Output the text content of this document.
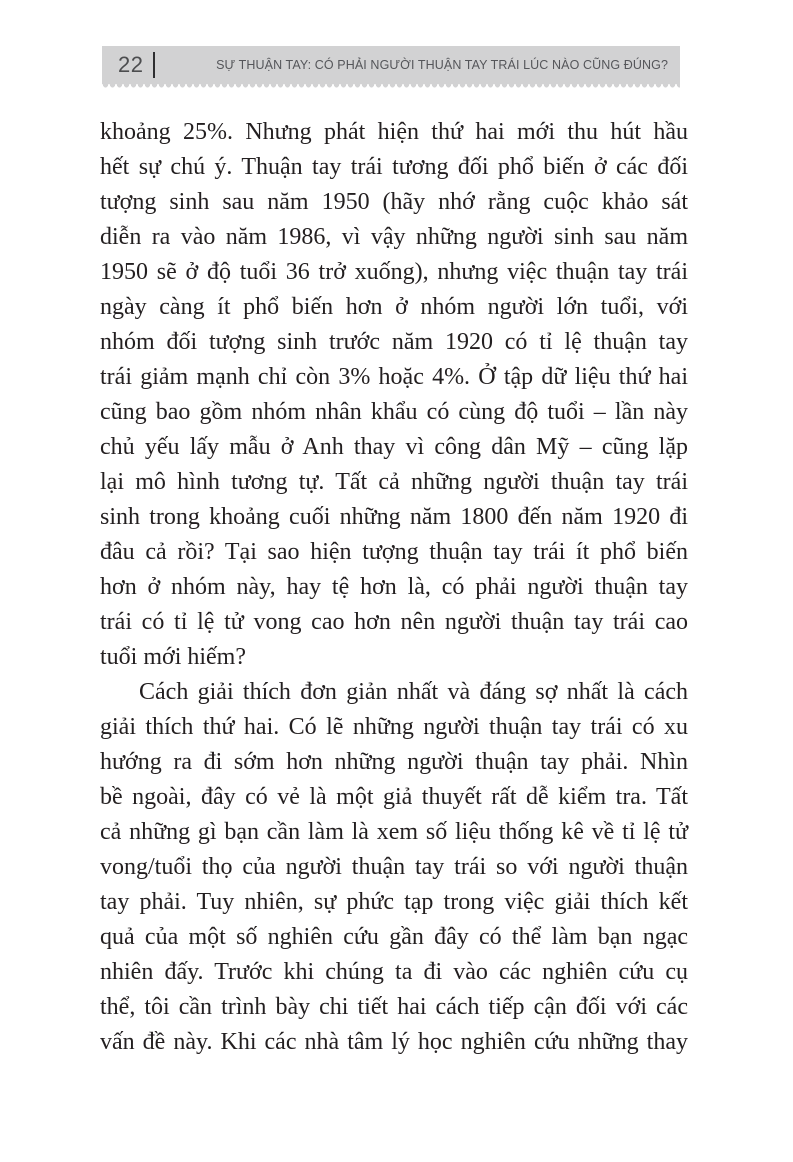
22	SỰ THUẬN TAY: CÓ PHẢI NGƯỜI THUẬN TAY TRÁI LÚC NÀO CŨNG ĐÚNG?
khoảng 25%. Nhưng phát hiện thứ hai mới thu hút hầu
hết sự chú ý. Thuận tay trái tương đối phổ biến ở các đối
tượng sinh sau năm 1950 (hãy nhớ rằng cuộc khảo sát
diễn ra vào năm 1986, vì vậy những người sinh sau năm
1950 sẽ ở độ tuổi 36 trở xuống), nhưng việc thuận tay trái
ngày càng ít phổ biến hơn ở nhóm người lớn tuổi, với
nhóm đối tượng sinh trước năm 1920 có tỉ lệ thuận tay
trái giảm mạnh chỉ còn 3% hoặc 4%. Ở tập dữ liệu thứ hai
cũng bao gồm nhóm nhân khẩu có cùng độ tuổi – lần này
chủ yếu lấy mẫu ở Anh thay vì công dân Mỹ – cũng lặp
lại mô hình tương tự. Tất cả những người thuận tay trái
sinh trong khoảng cuối những năm 1800 đến năm 1920 đi
đâu cả rồi? Tại sao hiện tượng thuận tay trái ít phổ biến
hơn ở nhóm này, hay tệ hơn là, có phải người thuận tay
trái có tỉ lệ tử vong cao hơn nên người thuận tay trái cao
tuổi mới hiếm?
Cách giải thích đơn giản nhất và đáng sợ nhất là cách
giải thích thứ hai. Có lẽ những người thuận tay trái có xu
hướng ra đi sớm hơn những người thuận tay phải. Nhìn
bề ngoài, đây có vẻ là một giả thuyết rất dễ kiểm tra. Tất
cả những gì bạn cần làm là xem số liệu thống kê về tỉ lệ tử
vong/tuổi thọ của người thuận tay trái so với người thuận
tay phải. Tuy nhiên, sự phức tạp trong việc giải thích kết
quả của một số nghiên cứu gần đây có thể làm bạn ngạc
nhiên đấy. Trước khi chúng ta đi vào các nghiên cứu cụ
thể, tôi cần trình bày chi tiết hai cách tiếp cận đối với các
vấn đề này. Khi các nhà tâm lý học nghiên cứu những thay
